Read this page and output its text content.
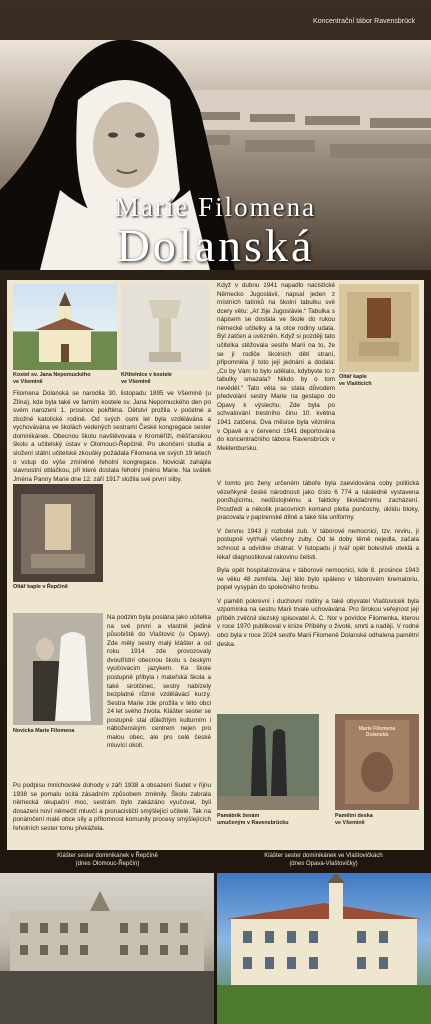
Koncentrační tábor Ravensbrück
Marie Filomena
Dolanská
Kostel sv. Jana Nepomuckého
ve Všemině
Křtitelnice v kostele
ve Všemině

Filomena Dolanská se narodila 30. listopadu 1895 ve Všemině (u Zlína), kde byla také ve farním kostele sv. Jana Nepomuckého den po svém narození 1. prosince pokřtěna. Dětství prožila v početné a zbožné katolické rodině. Od svých osmi let byla vzdělávána a vychovávána ve školách vedených sestrami České kongregace sester dominikánek. Obecnou školu navštěvovala v Kroměříži, měšťanskou školu a učitelský ústav v Olomouci-Řepčíně. Po ukončení studia a složení státní učitelské zkoušky požádala Filomena ve svých 19 letech o vstup do výše zmíněné řeholní kongregace. Noviciát zahájila slavnostní oblačkou, při které dostala řeholní jméno Marie. Na svátek Jména Panny Marie dne 12. září 1917 složila své první sliby.

Oltář kaple v Řepčíně
Novicka Marie Filomena

Na podzim byla poslána jako učitelka na své první a vlastně jediné působiště do Vlaštovic (u Opavy). Zde měly sestry malý klášter a od roku 1914 zde provozovaly dvoutřídní obecnou školu s českým vyučovacím jazykem. Ke škole postupně přibyla i mateřská škola a také sirotčinec, sestry nabízely bezplatné různé vzdělávací kurzy. Sestra Marie zde prožila v této obci 24 let svého života. Klášter sester se postupně stal důležitým kulturním i náboženským centrem nejen pro malou obec, ale pro celé české mluvící okolí.

Po podpisu mnichovské dohody v září 1938 a obsazení Sudet v říjnu 1938 se pomalu ocitá zásadním způsobem změnily. Školu zabrala německá okupační moc, sestrám bylo zakázáno vyučovat, byli dosazeni noví němečtí mluvčí a pronacističtí smýšlející učitelé. Tak na ponámčení malé obce síly a přítomnost komunity procesy smýšlejících řeholních sester tomu překážela.

Když v dubnu 1941 napadlo nacistické Německo Jugoslávii, napsal jeden z místních tatínků na školní tabulku své dcery větu: „Ať žije Jugoslávie.“ Tabulka s nápisem se dostala ve škole do rukou německé učitelky a ta otce rodiny udala. Byl zatčen a uvězněn. Když si později tato učitelka stěžovala sestře Marii na to, že se jí rodiče školních dětí straní, připomněla jí toto její jednání a dodala: „Co by Vám to bylo udělalo, kdybyste to z tabulky smazala? Nikdo by o tom nevěděl.“ Tato věta se stala důvodem předvolání sestry Marie na gestapo do Opavy k výslechu. Zde byla po schvalování trestního činu 10. května 1941 zatčena. Dva měsíce byla vězněna v Opavě a v červenci 1941 deportována do koncentračního tábora Ravensbrück v Meklenbursku.

Oltář kaple
ve Vlašticích

V tomto pro ženy určeném táboře byla zaevidována coby politická vězeňkyně české národnosti jako číslo 6 774 a následně vystavena ponižujícímu, nedůstojnému a fakticky likvidačnímu zacházení. Prostředí a několik pracovních komand pletla punčochy, úklidu bloky, pracovala v papírenské dílně a také šila uniformy.

V červnu 1943 ji rozbolel zub. V táborové nemocnici, tzv. reviru, jí postupně vytrhali všechny zuby. Od té doby těmě nejedla, začala schnout a odvídne chátrat. V listopadu jí tvář opět bolestivě oteklá a lékař diagnostikoval rakovinu čelisti.

Byla opět hospitalizována v táborové nemocnici, kde 8. prosince 1943 ve věku 48 zemřela. Její tělo bylo spáleno v táborovém krematoriu, popel vysypán do společného hrobu.

V paměti pokrevní i duchovní rodiny a také obyvatel Vlaštovicek byla vzpomínka na sestru Marii trvale uchovávána. Pro širokou veřejnost její příběh zvěčnil slezský spisovatel A. C. Nor v povídce Filomenka, kterou v roce 1970 publikoval v knize Příběhy o životě, smrti a naději. V rodné obci byla v roce 2024 sestře Marii Filomeně Dolanské odhalena pamětní deska.

Památník ženám
umučeným v Ravensbrücku
Marie Filomena Dolanská
Pamětní deska
ve Všemině
Klášter sester dominikánek v Řepčíně
(dnes Olomouc-Řepčín)
Klášter sester dominikánek ve Vlaštovičkách
(dnes Opava-Vlaštovičky)
